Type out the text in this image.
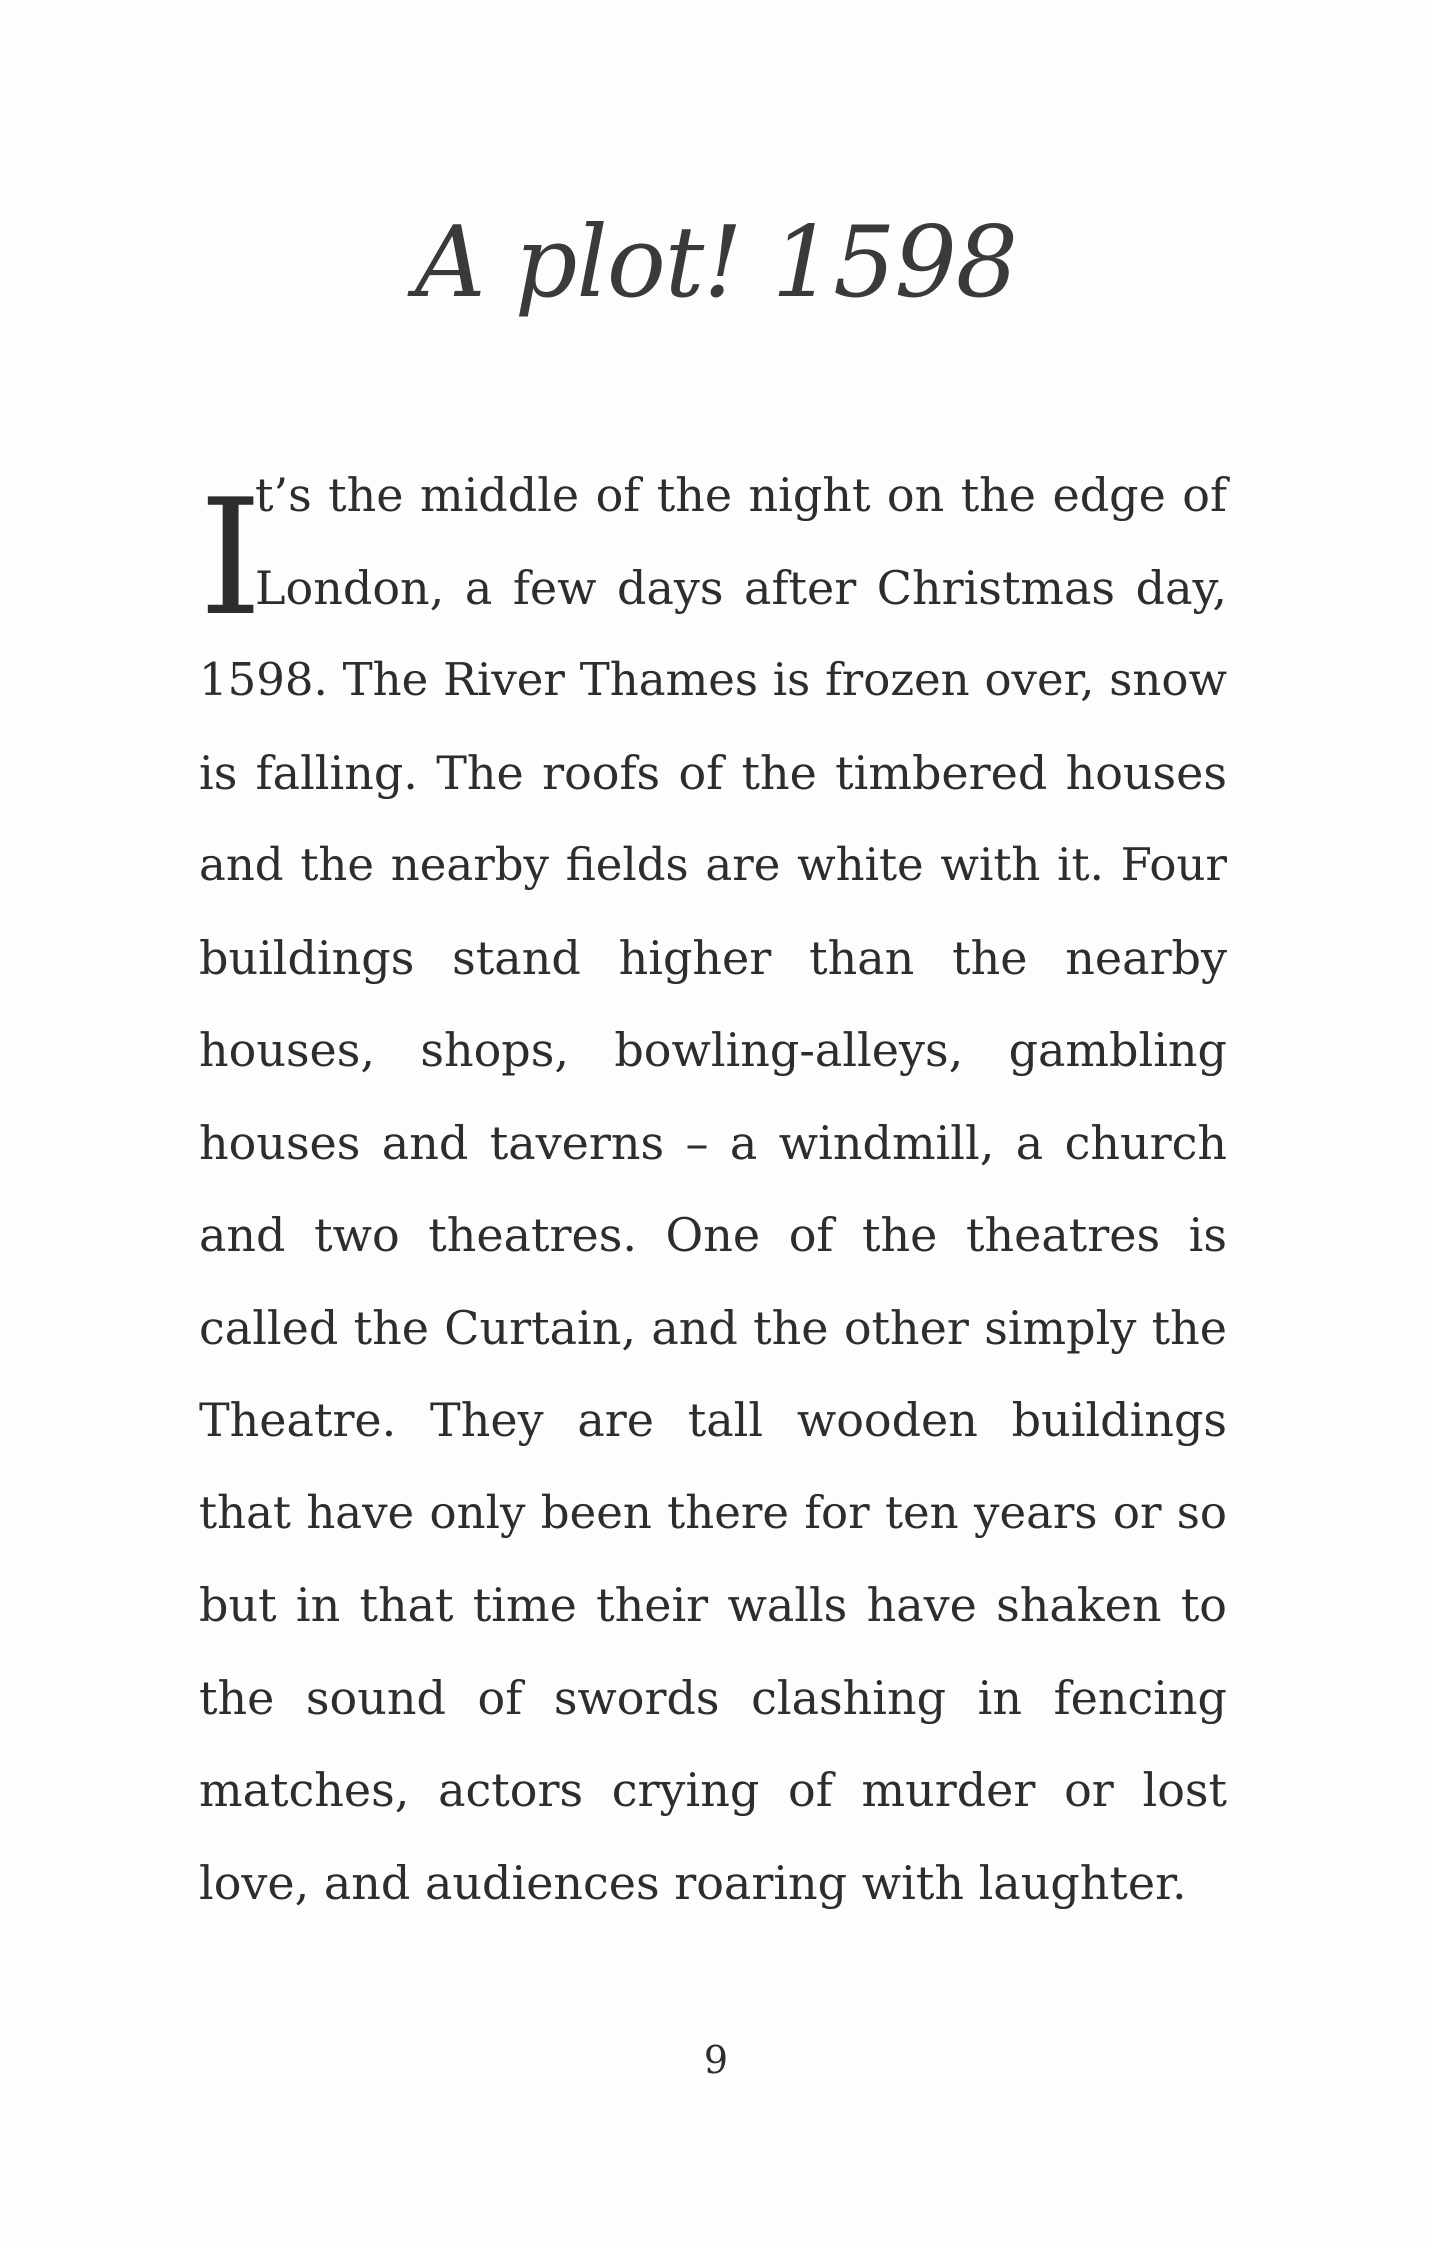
A plot! 1598
I
t’s the middle of the night on the edge of
London, a few days after Christmas day,
1598. The River Thames is frozen over, snow
is falling. The roofs of the timbered houses
and the nearby fields are white with it. Four
buildings stand higher than the nearby
houses, shops, bowling-alleys, gambling
houses and taverns – a windmill, a church
and two theatres. One of the theatres is
called the Curtain, and the other simply the
Theatre. They are tall wooden buildings
that have only been there for ten years or so
but in that time their walls have shaken to
the sound of swords clashing in fencing
matches, actors crying of murder or lost
love, and audiences roaring with laughter.
9
